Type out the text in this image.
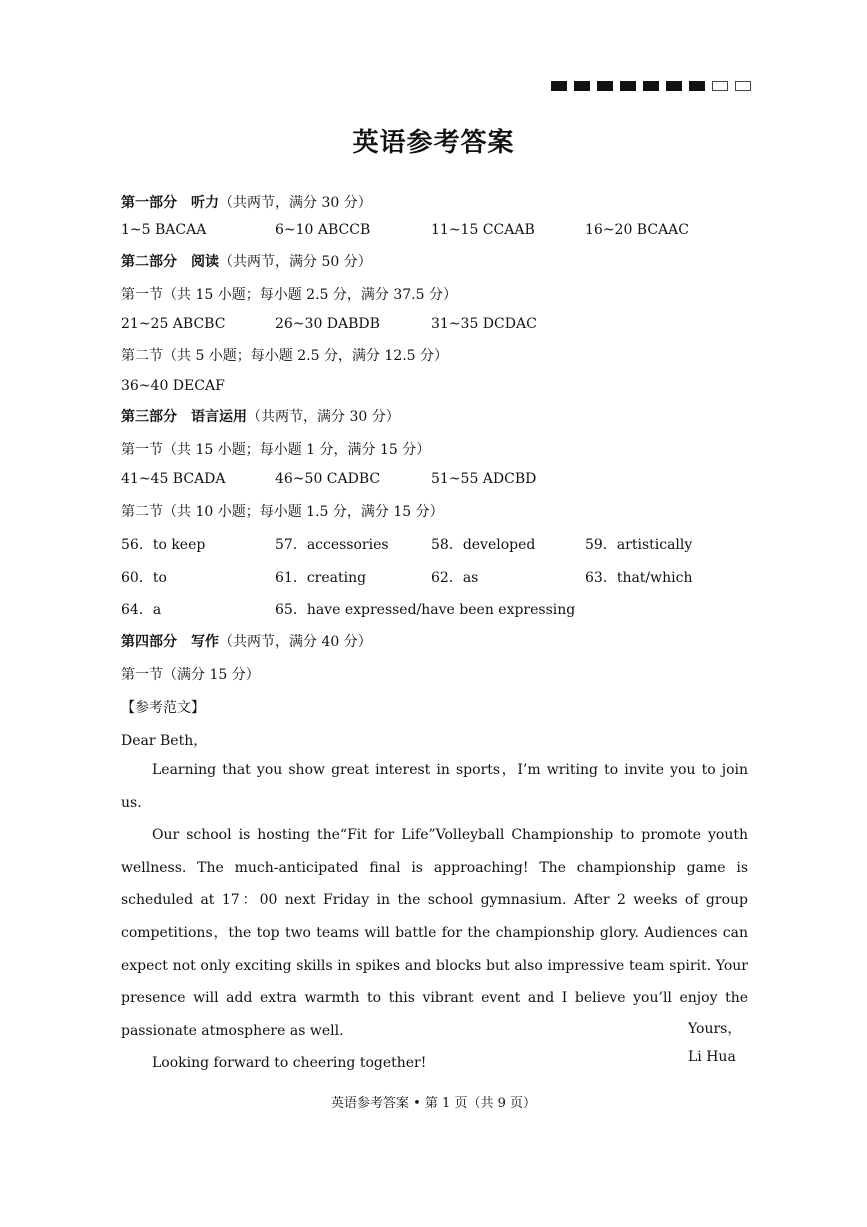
英语参考答案
第一部分　听力（共两节，满分 30 分）
1~5 BACAA	6~10 ABCCB	11~15 CCAAB	16~20 BCAAC
第二部分　阅读（共两节，满分 50 分）
第一节（共 15 小题；每小题 2.5 分，满分 37.5 分）
21~25 ABCBC	26~30 DABDB	31~35 DCDAC
第二节（共 5 小题；每小题 2.5 分，满分 12.5 分）
36~40 DECAF
第三部分　语言运用（共两节，满分 30 分）
第一节（共 15 小题；每小题 1 分，满分 15 分）
41~45 BCADA	46~50 CADBC	51~55 ADCBD
第二节（共 10 小题；每小题 1.5 分，满分 15 分）
56．to keep	57．accessories	58．developed	59．artistically
60．to	61．creating	62．as	63．that/which
64．a	65．have expressed/have been expressing
第四部分　写作（共两节，满分 40 分）
第一节（满分 15 分）
【参考范文】
Dear Beth，

Learning that you show great interest in sports，I’m writing to invite you to join us.

Our school is hosting the“Fit for Life”Volleyball Championship to promote youth wellness. The much-anticipated final is approaching! The championship game is scheduled at 17：00 next Friday in the school gymnasium. After 2 weeks of group competitions，the top two teams will battle for the championship glory. Audiences can expect not only exciting skills in spikes and blocks but also impressive team spirit. Your presence will add extra warmth to this vibrant event and I believe you’ll enjoy the passionate atmosphere as well.

Looking forward to cheering together!

Yours，
Li Hua
英语参考答案 • 第 1 页（共 9 页）
